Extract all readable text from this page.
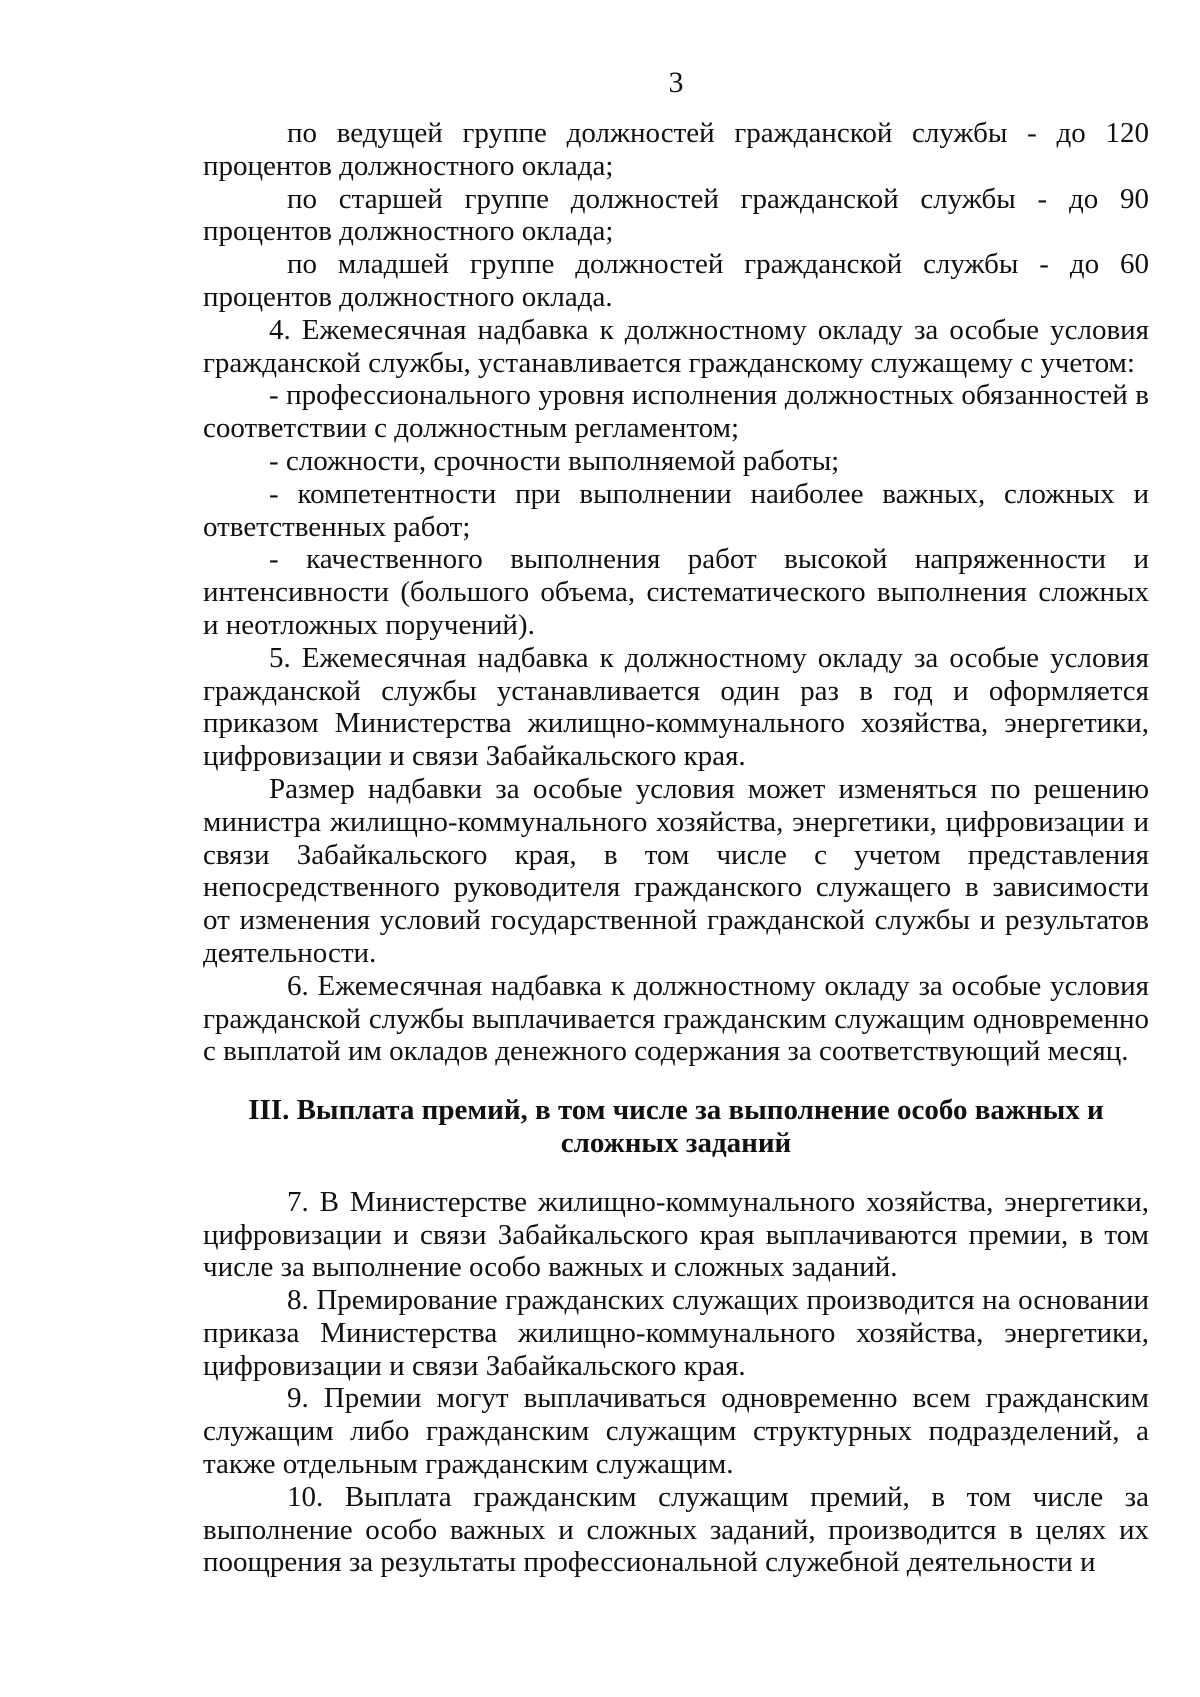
3

по ведущей группе должностей гражданской службы - до 120 процентов должностного оклада;

по старшей группе должностей гражданской службы - до 90 процентов должностного оклада;

по младшей группе должностей гражданской службы - до 60 процентов должностного оклада.

4. Ежемесячная надбавка к должностному окладу за особые условия гражданской службы, устанавливается гражданскому служащему с учетом:

- профессионального уровня исполнения должностных обязанностей в соответствии с должностным регламентом;

- сложности, срочности выполняемой работы;

- компетентности при выполнении наиболее важных, сложных и ответственных работ;

- качественного выполнения работ высокой напряженности и интенсивности (большого объема, систематического выполнения сложных и неотложных поручений).

5. Ежемесячная надбавка к должностному окладу за особые условия гражданской службы устанавливается один раз в год и оформляется приказом Министерства жилищно-коммунального хозяйства, энергетики, цифровизации и связи Забайкальского края.

Размер надбавки за особые условия может изменяться по решению министра жилищно-коммунального хозяйства, энергетики, цифровизации и связи Забайкальского края, в том числе с учетом представления непосредственного руководителя гражданского служащего в зависимости от изменения условий государственной гражданской службы и результатов деятельности.

6. Ежемесячная надбавка к должностному окладу за особые условия гражданской службы выплачивается гражданским служащим одновременно с выплатой им окладов денежного содержания за соответствующий месяц.

III. Выплата премий, в том числе за выполнение особо важных и сложных заданий

7. В Министерстве жилищно-коммунального хозяйства, энергетики, цифровизации и связи Забайкальского края выплачиваются премии, в том числе за выполнение особо важных и сложных заданий.

8. Премирование гражданских служащих производится на основании приказа Министерства жилищно-коммунального хозяйства, энергетики, цифровизации и связи Забайкальского края.

9. Премии могут выплачиваться одновременно всем гражданским служащим либо гражданским служащим структурных подразделений, а также отдельным гражданским служащим.

10. Выплата гражданским служащим премий, в том числе за выполнение особо важных и сложных заданий, производится в целях их поощрения за результаты профессиональной служебной деятельности и
